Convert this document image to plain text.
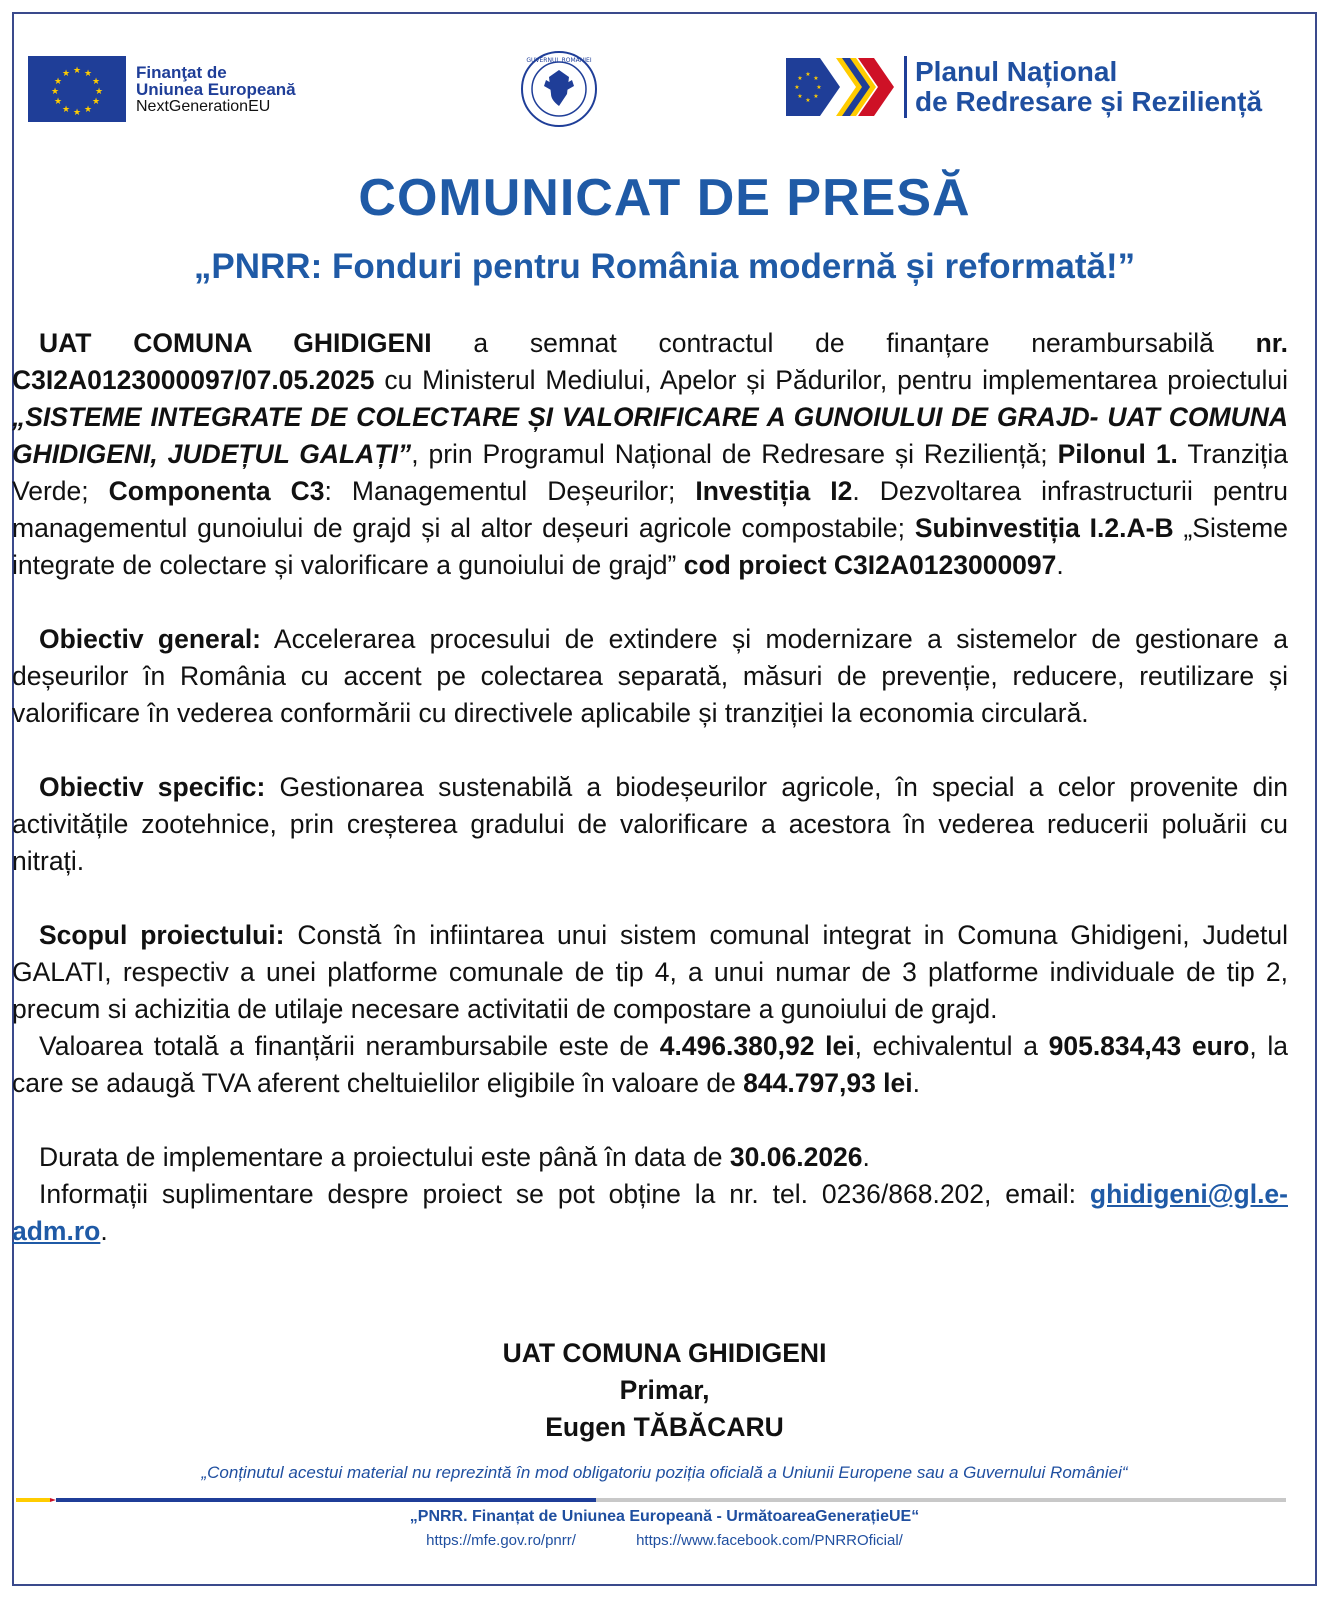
★ ★
★
★
★
★
★
★
★
★
★
★	Finanţat de
Uniunea Europeană
NextGenerationEU
GUVERNUL ROMÂNIEI
★
★
★
★
★
★
★
★	Planul Național
de Redresare și Reziliență
COMUNICAT DE PRESĂ
„PNRR: Fonduri pentru România modernă și reformată!”

UAT COMUNA GHIDIGENI a semnat contractul de finanțare nerambursabilă nr. C3I2A0123000097/07.05.2025 cu Ministerul Mediului, Apelor și Pădurilor, pentru implementarea proiectului „SISTEME INTEGRATE DE COLECTARE ȘI VALORIFICARE A GUNOIULUI DE GRAJD- UAT COMUNA GHIDIGENI, JUDEȚUL GALAȚI”, prin Programul Național de Redresare și Reziliență; Pilonul 1. Tranziția Verde; Componenta C3: Managementul Deșeurilor; Investiția I2. Dezvoltarea infrastructurii pentru managementul gunoiului de grajd și al altor deșeuri agricole compostabile; Subinvestiția I.2.A-B „Sisteme integrate de colectare și valorificare a gunoiului de grajd” cod proiect C3I2A0123000097.

Obiectiv general: Accelerarea procesului de extindere și modernizare a sistemelor de gestionare a deșeurilor în România cu accent pe colectarea separată, măsuri de prevenție, reducere, reutilizare și valorificare în vederea conformării cu directivele aplicabile și tranziției la economia circulară.

Obiectiv specific: Gestionarea sustenabilă a biodeșeurilor agricole, în special a celor provenite din activitățile zootehnice, prin creșterea gradului de valorificare a acestora în vederea reducerii poluării cu nitrați.

Scopul proiectului: Constă în infiintarea unui sistem comunal integrat in Comuna Ghidigeni, Judetul GALATI, respectiv a unei platforme comunale de tip 4, a unui numar de 3 platforme individuale de tip 2, precum si achizitia de utilaje necesare activitatii de compostare a gunoiului de grajd.

Valoarea totală a finanțării nerambursabile este de 4.496.380,92 lei, echivalentul a 905.834,43 euro, la care se adaugă TVA aferent cheltuielilor eligibile în valoare de 844.797,93 lei.

Durata de implementare a proiectului este până în data de 30.06.2026.

Informații suplimentare despre proiect se pot obține la nr. tel. 0236/868.202, email: ghidigeni@gl.e-adm.ro.

UAT COMUNA GHIDIGENI
Primar,
Eugen TĂBĂCARU
„Conținutul acestui material nu reprezintă în mod obligatoriu poziția oficială a Uniunii Europene sau a Guvernului României“
„PNRR. Finanțat de Uniunea Europeană - UrmătoareaGenerațieUE“
https://mfe.gov.ro/pnrr/	https://www.facebook.com/PNRROficial/
